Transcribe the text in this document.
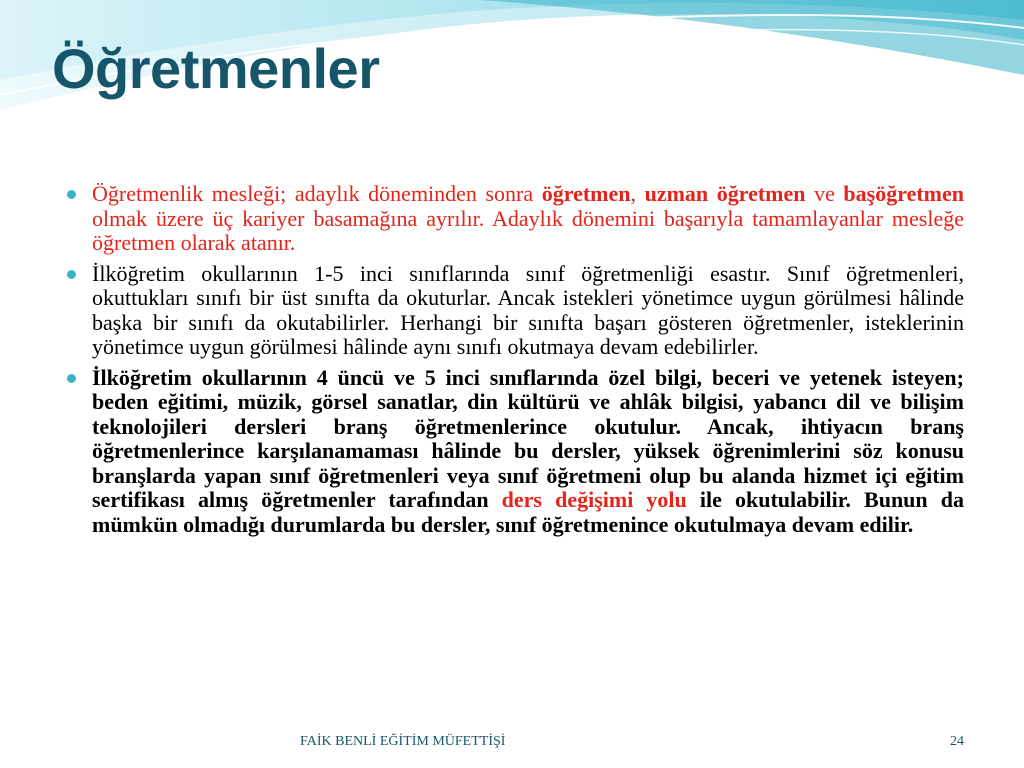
Öğretmenler
Öğretmenlik mesleği; adaylık döneminden sonra öğretmen, uzman öğretmen ve başöğretmen olmak üzere üç kariyer basamağına ayrılır. Adaylık dönemini başarıyla tamamlayanlar mesleğe öğretmen olarak atanır.
İlköğretim okullarının 1-5 inci sınıflarında sınıf öğretmenliği esastır. Sınıf öğretmenleri, okuttukları sınıfı bir üst sınıfta da okuturlar. Ancak istekleri yönetimce uygun görülmesi hâlinde başka bir sınıfı da okutabilirler. Herhangi bir sınıfta başarı gösteren öğretmenler, isteklerinin yönetimce uygun görülmesi hâlinde aynı sınıfı okutmaya devam edebilirler.
İlköğretim okullarının 4 üncü ve 5 inci sınıflarında özel bilgi, beceri ve yetenek isteyen; beden eğitimi, müzik, görsel sanatlar, din kültürü ve ahlâk bilgisi, yabancı dil ve bilişim teknolojileri dersleri branş öğretmenlerince okutulur. Ancak, ihtiyacın branş öğretmenlerince karşılanamaması hâlinde bu dersler, yüksek öğrenimlerini söz konusu branşlarda yapan sınıf öğretmenleri veya sınıf öğretmeni olup bu alanda hizmet içi eğitim sertifikası almış öğretmenler tarafından ders değişimi yolu ile okutulabilir. Bunun da mümkün olmadığı durumlarda bu dersler, sınıf öğretmenince okutulmaya devam edilir.
FAİK BENLİ EĞİTİM MÜFETTİŞİ	24
